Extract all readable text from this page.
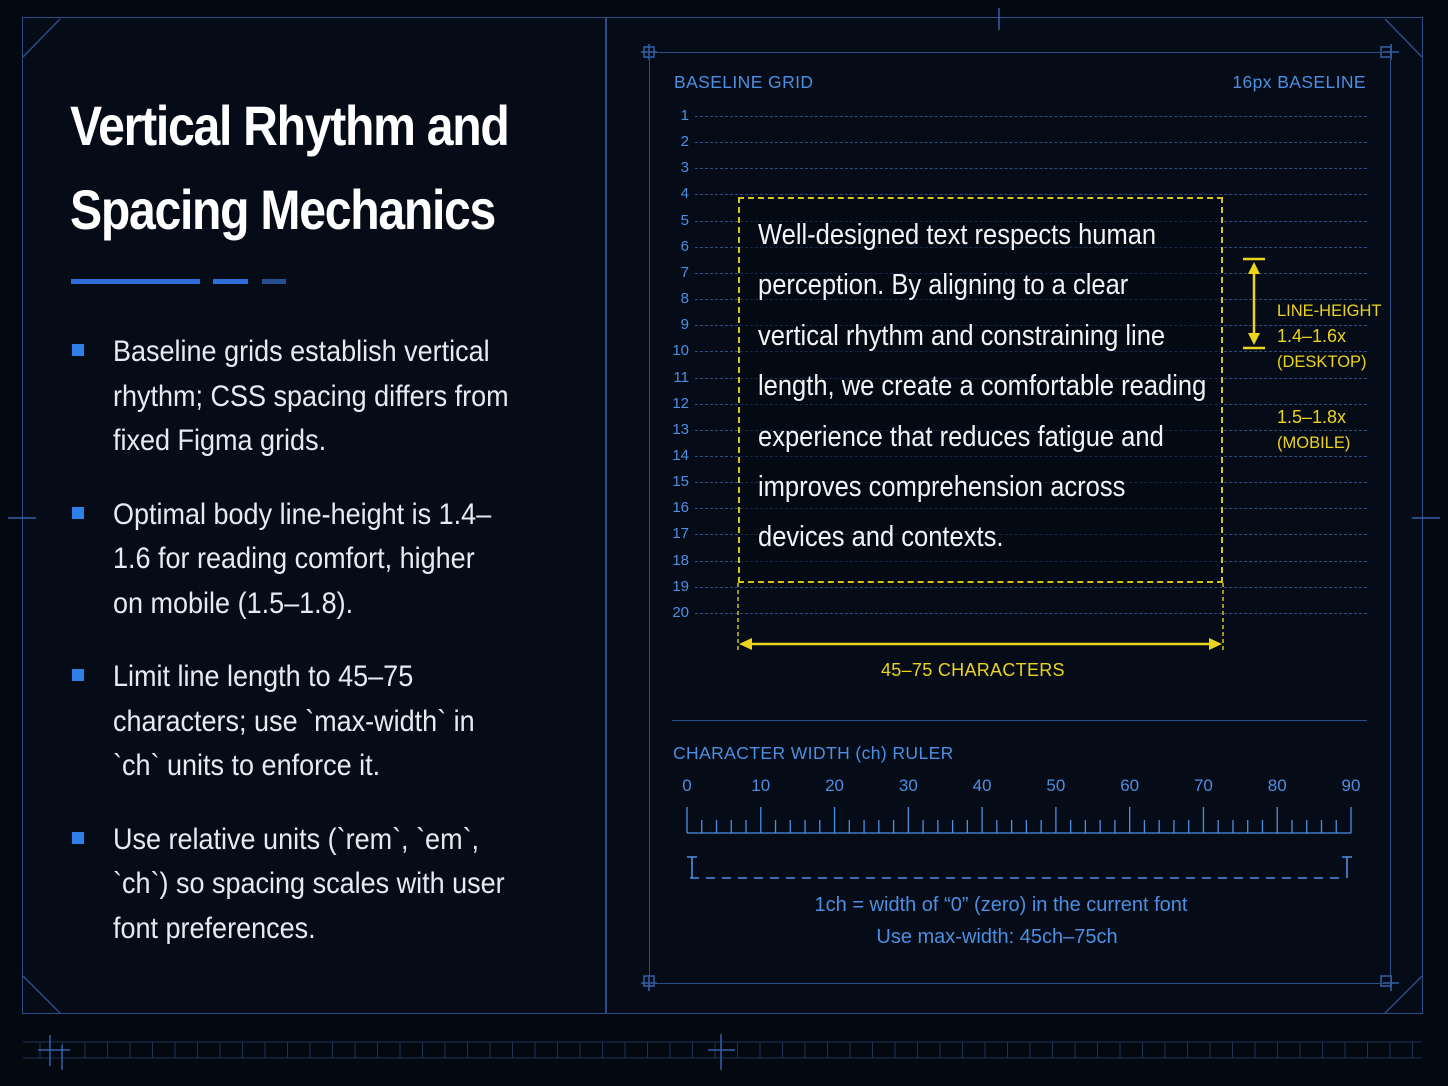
Vertical Rhythm and
Spacing Mechanics
Baseline grids establish vertical rhythm; CSS spacing differs from fixed Figma grids.
Optimal body line-height is 1.4–1.6 for reading comfort, higher on mobile (1.5–1.8).
Limit line length to 45–75 characters; use `max-width` in `ch` units to enforce it.
Use relative units (`rem`, `em`, `ch`) so spacing scales with user font preferences.
BASELINE GRID	16px BASELINE
1
2
3
4
5
6
7
8
9
10
11
12
13
14
15
16
17
18
19
20
Well-designed text respects human perception. By aligning to a clear vertical rhythm and constraining line length, we create a comfortable reading experience that reduces fatigue and improves comprehension across devices and contexts.
LINE-HEIGHT
1.4–1.6x
(DESKTOP)
1.5–1.8x
(MOBILE)
45–75 CHARACTERS
CHARACTER WIDTH (ch) RULER
0	10	20	30	40	50	60	70	80	90
1ch = width of “0” (zero) in the current font
Use max-width: 45ch–75ch
